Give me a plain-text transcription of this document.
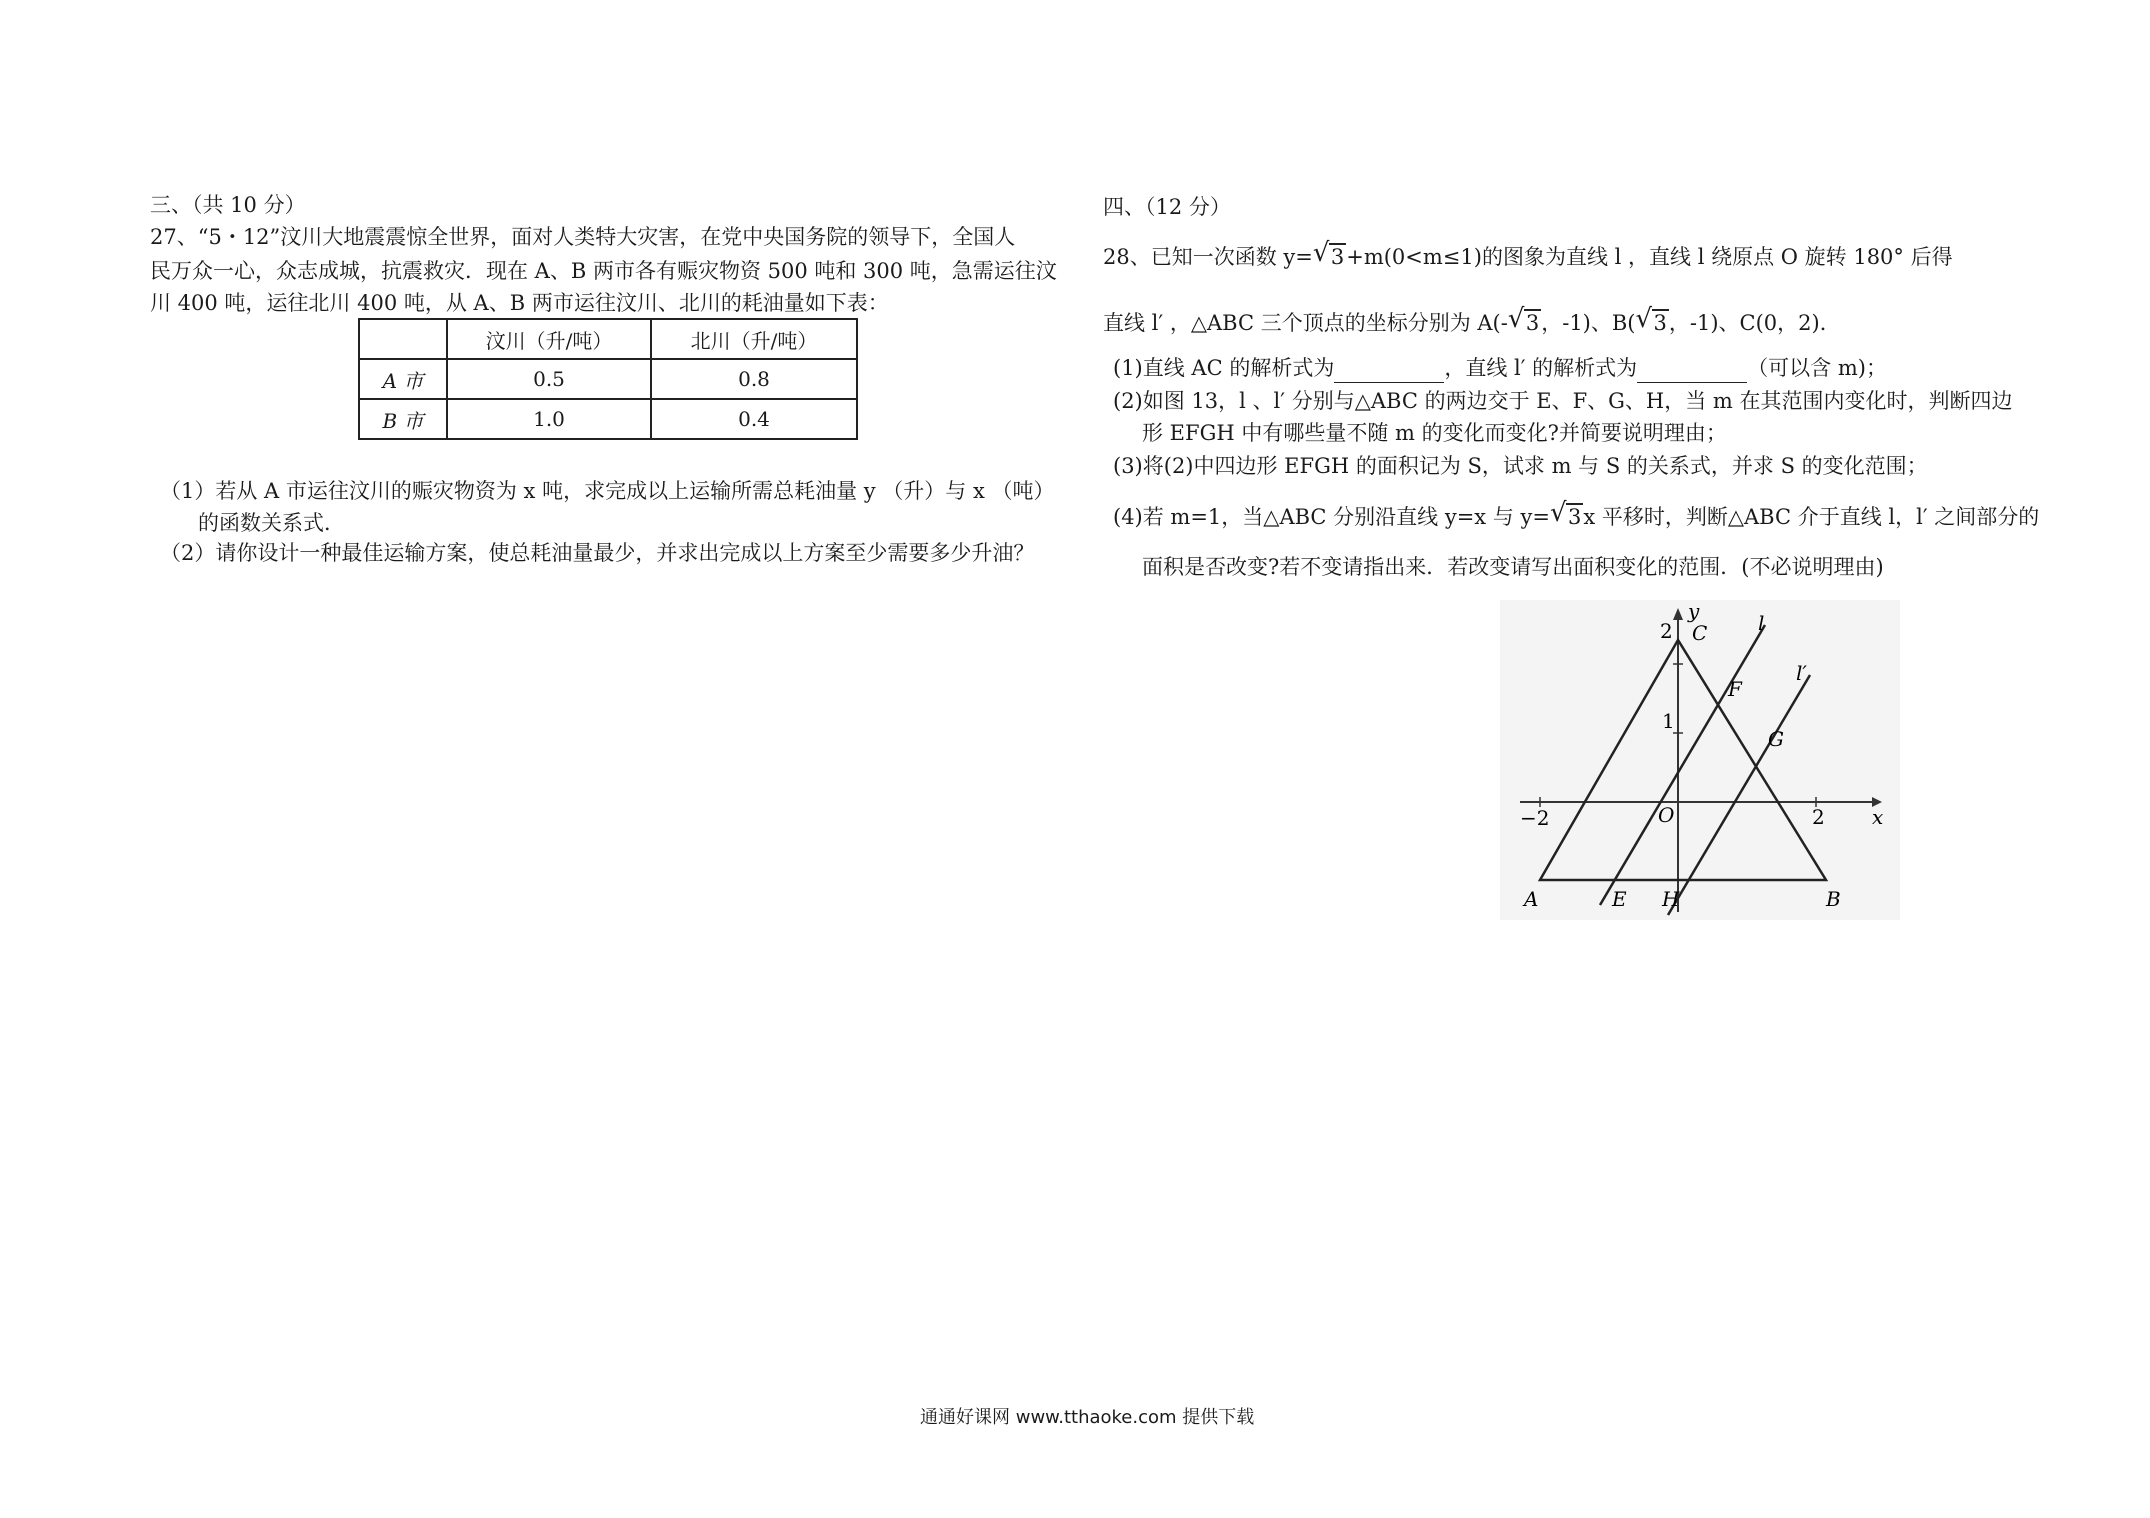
三、（共 10 分）
27、“5・12”汶川大地震震惊全世界，面对人类特大灾害，在党中央国务院的领导下，全国人
民万众一心，众志成城，抗震救灾．现在 A、B 两市各有赈灾物资 500 吨和 300 吨，急需运往汶
川 400 吨，运往北川 400 吨，从 A、B 两市运往汶川、北川的耗油量如下表：
	汶川（升/吨）	北川（升/吨）
A 市	0.5	0.8
B 市	1.0	0.4
（1）若从 A 市运往汶川的赈灾物资为 x 吨，求完成以上运输所需总耗油量 y （升）与 x （吨）
的函数关系式．
（2）请你设计一种最佳运输方案，使总耗油量最少，并求出完成以上方案至少需要多少升油？
四、（12 分）
28、已知一次函数 y= √ 3+m(0<m≤1)的图象为直线 l ，直线 l 绕原点 O 旋转 180° 后得
直线 l′ ，△ABC 三个顶点的坐标分别为 A(- √ 3，-1)、B( √ 3，-1)、C(0，2)．
(1)直线 AC 的解析式为	，直线 l′ 的解析式为	（可以含 m)；
(2)如图 13，l 、l′ 分别与△ABC 的两边交于 E、F、G、H，当 m 在其范围内变化时，判断四边
形 EFGH 中有哪些量不随 m 的变化而变化?并简要说明理由；
(3)将(2)中四边形 EFGH 的面积记为 S，试求 m 与 S 的关系式，并求 S 的变化范围；
(4)若 m=1，当△ABC 分别沿直线 y=x 与 y= √ 3x 平移时，判断△ABC 介于直线 l，l′ 之间部分的
面积是否改变?若不变请指出来．若改变请写出面积变化的范围．(不必说明理由)
y
x
C
2
1
F
G
l
l′
−2	O	2
A	E H	B
通通好课网 www.tthaoke.com 提供下载
